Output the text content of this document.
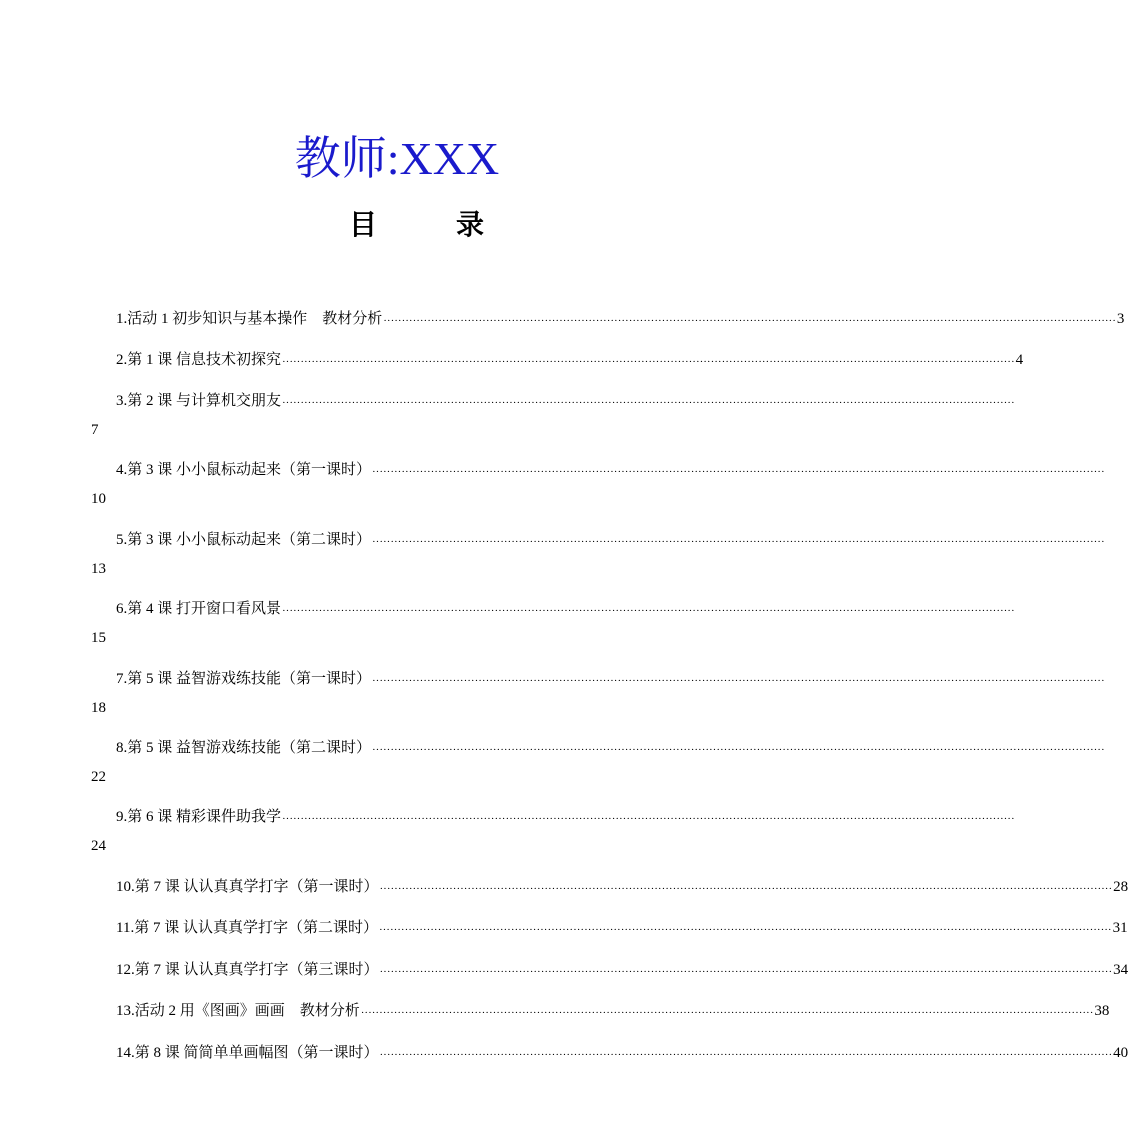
教师:XXX
目 录
1.活动 1 初步知识与基本操作　教材分析 ········································································································································································································ 3
2.第 1 课 信息技术初探究 ········································································································································································································ 4
7
3.第 2 课 与计算机交朋友 ········································································································································································································
10
4.第 3 课 小小鼠标动起来（第一课时） ········································································································································································································
13
5.第 3 课 小小鼠标动起来（第二课时） ········································································································································································································
15
6.第 4 课 打开窗口看风景 ········································································································································································································
18
7.第 5 课 益智游戏练技能（第一课时） ········································································································································································································
22
8.第 5 课 益智游戏练技能（第二课时） ········································································································································································································
24
9.第 6 课 精彩课件助我学 ········································································································································································································
10.第 7 课 认认真真学打字（第一课时） ········································································································································································································ 28
11.第 7 课 认认真真学打字（第二课时） ········································································································································································································ 31
12.第 7 课 认认真真学打字（第三课时） ········································································································································································································ 34
13.活动 2 用《图画》画画　教材分析 ········································································································································································································ 38
14.第 8 课 简简单单画幅图（第一课时） ········································································································································································································ 40
